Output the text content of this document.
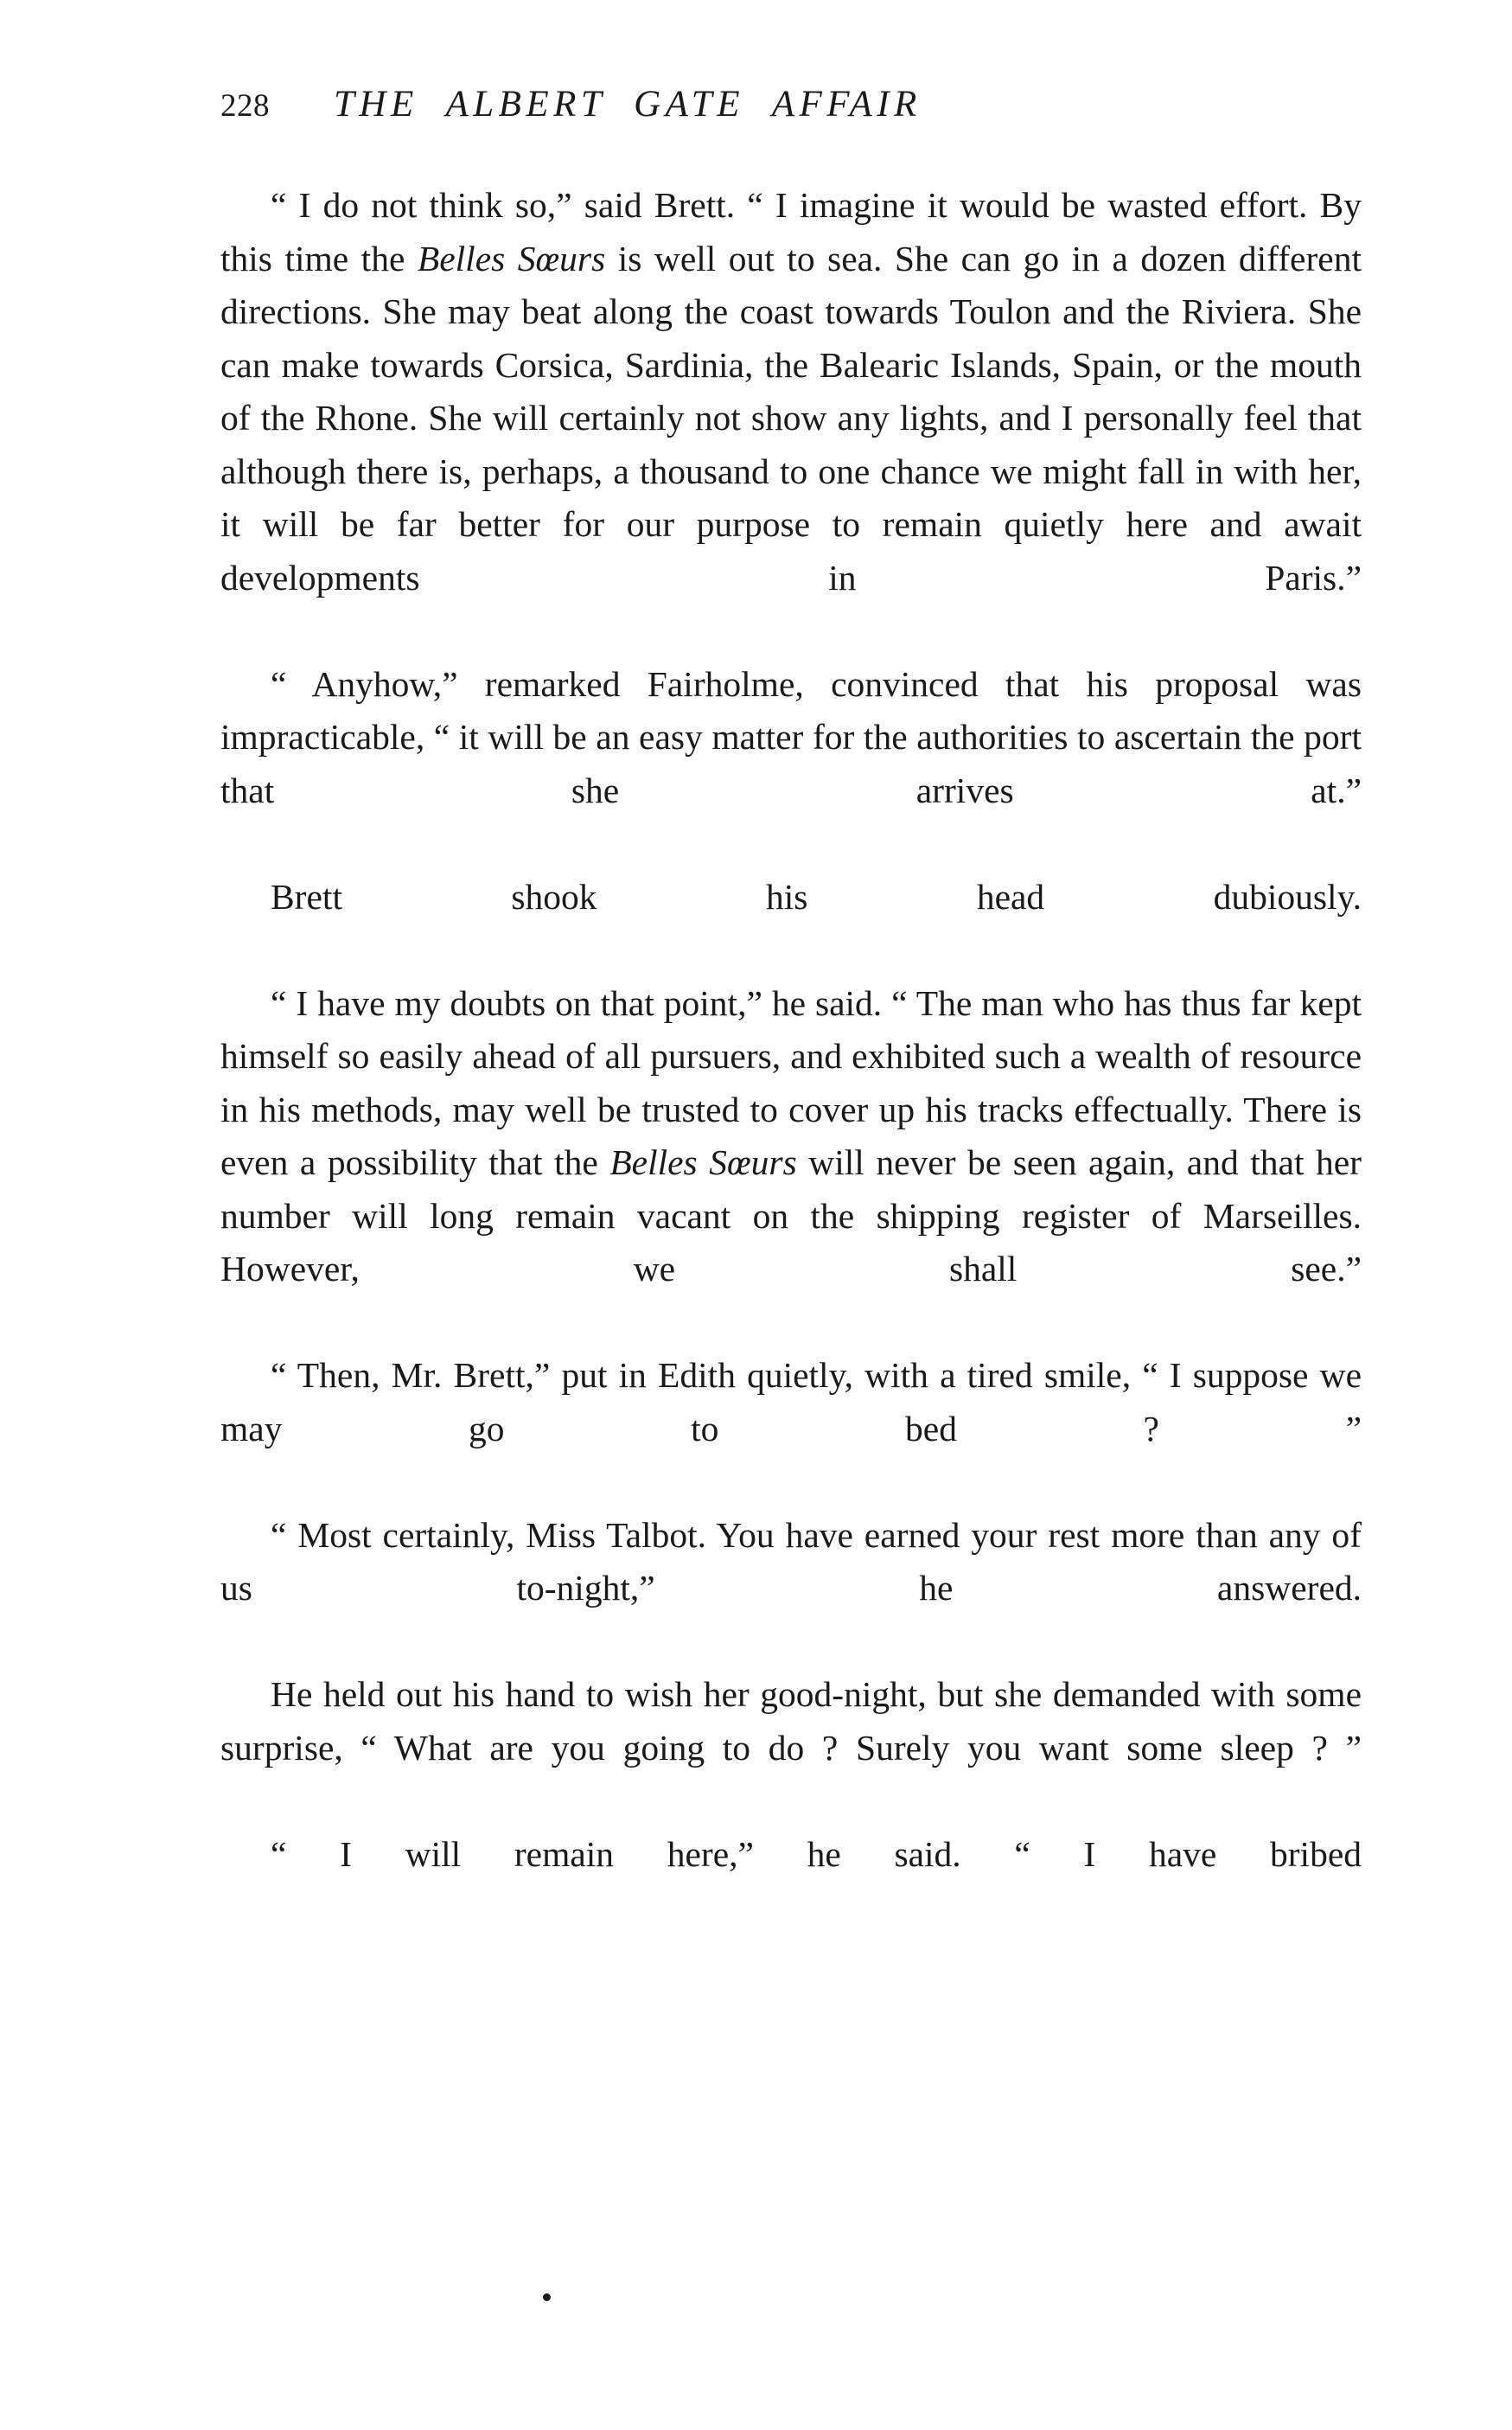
228 THE  ALBERT  GATE  AFFAIR

“ I do not think so,” said Brett. “ I imagine it would be wasted effort. By this time the Belles Sœurs is well out to sea. She can go in a dozen different directions. She may beat along the coast towards Toulon and the Riviera. She can make towards Corsica, Sardinia, the Balearic Islands, Spain, or the mouth of the Rhone. She will certainly not show any lights, and I personally feel that although there is, perhaps, a thousand to one chance we might fall in with her, it will be far better for our purpose to remain quietly here and await developments in Paris.”

“ Anyhow,” remarked Fairholme, convinced that his proposal was impracticable, “ it will be an easy matter for the authorities to ascertain the port that she arrives at.”

Brett shook his head dubiously.

“ I have my doubts on that point,” he said. “ The man who has thus far kept himself so easily ahead of all pursuers, and exhibited such a wealth of resource in his methods, may well be trusted to cover up his tracks effectually. There is even a possibility that the Belles Sœurs will never be seen again, and that her number will long remain vacant on the shipping register of Marseilles. However, we shall see.”

“ Then, Mr. Brett,” put in Edith quietly, with a tired smile, “ I suppose we may go to bed ? ”

“ Most certainly, Miss Talbot. You have earned your rest more than any of us to-night,” he answered.

He held out his hand to wish her good-night, but she demanded with some surprise, “ What are you going to do ? Surely you want some sleep ? ”

“ I will remain here,” he said. “ I have bribed
